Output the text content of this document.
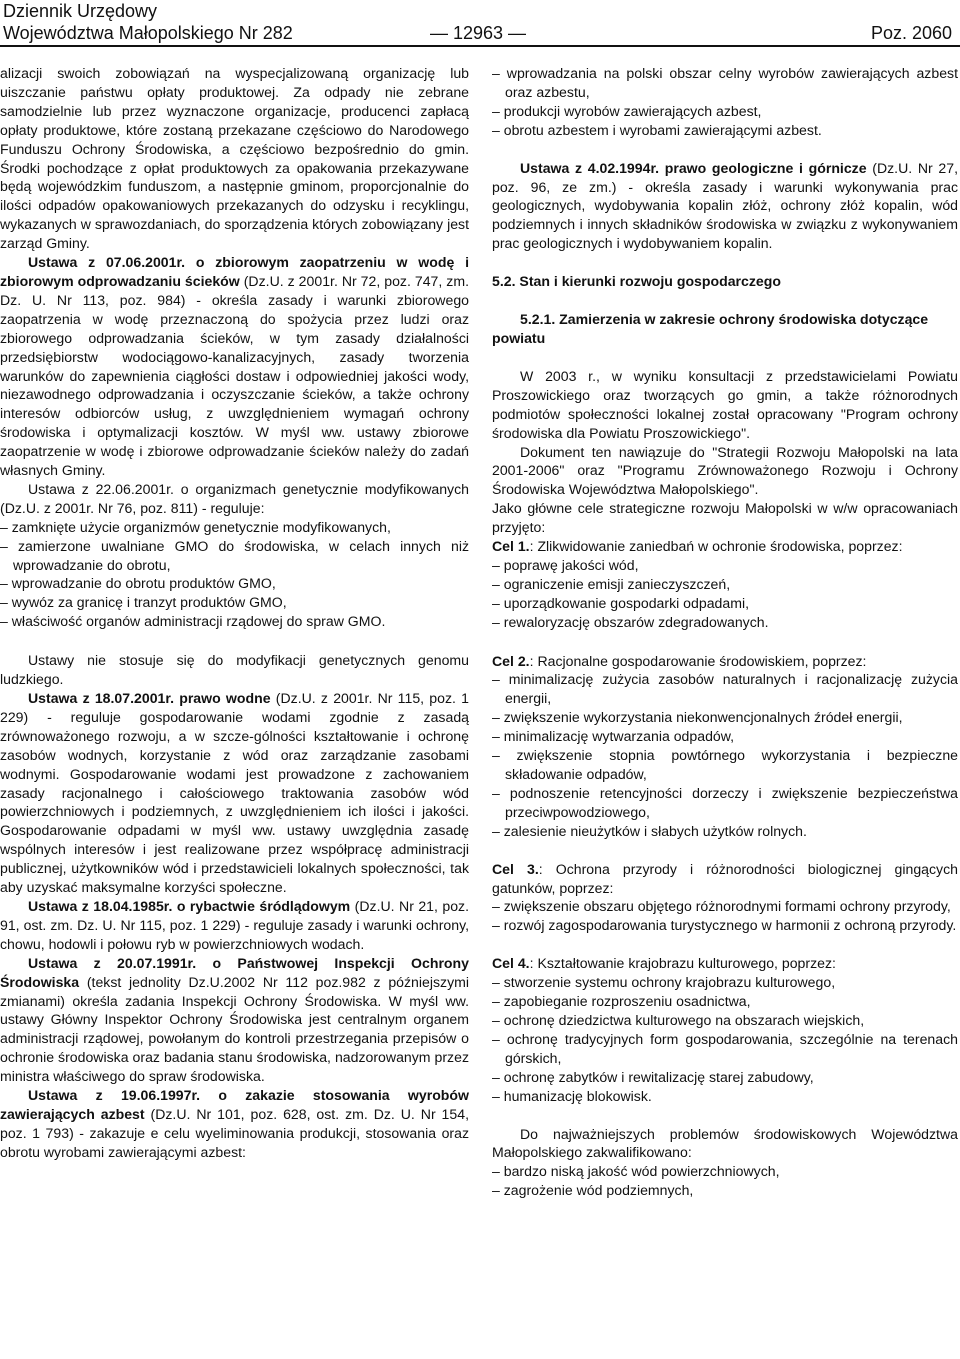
Dziennik Urzędowy
Województwa Małopolskiego Nr 282	— 12963 —	Poz. 2060

alizacji swoich zobowiązań na wyspecjalizowaną organizację lub uiszczanie państwu opłaty produktowej. Za odpady nie zebrane samodzielnie lub przez wyznaczone organizacje, producenci zapłacą opłaty produktowe, które zostaną przekazane częściowo do Narodowego Funduszu Ochrony Środowiska, a częściowo bezpośrednio do gmin. Środki pochodzące z opłat produktowych za opakowania przekazywane będą wojewódzkim funduszom, a następnie gminom, proporcjonalnie do ilości odpadów opakowaniowych przekazanych do odzysku i recyklingu, wykazanych w sprawozdaniach, do sporządzenia których zobowiązany jest zarząd Gminy.

Ustawa z 07.06.2001r. o zbiorowym zaopatrzeniu w wodę i zbiorowym odprowadzaniu ścieków (Dz.U. z 2001r. Nr 72, poz. 747, zm. Dz. U. Nr 113, poz. 984) - określa zasady i warunki zbiorowego zaopatrzenia w wodę przeznaczoną do spożycia przez ludzi oraz zbiorowego odprowadzania ścieków, w tym zasady działalności przedsiębiorstw wodociągowo-kanalizacyjnych, zasady tworzenia warunków do zapewnienia ciągłości dostaw i odpowiedniej jakości wody, niezawodnego odprowadzania i oczyszczanie ścieków, a także ochrony interesów odbiorców usług, z uwzględnieniem wymagań ochrony środowiska i optymalizacji kosztów. W myśl ww. ustawy zbiorowe zaopatrzenie w wodę i zbiorowe odprowadzanie ścieków należy do zadań własnych Gminy.

Ustawa z 22.06.2001r. o organizmach genetycznie modyfikowanych (Dz.U. z 2001r. Nr 76, poz. 811) - reguluje:

– zamknięte użycie organizmów genetycznie modyfikowanych,

– zamierzone uwalniane GMO do środowiska, w celach innych niż wprowadzanie do obrotu,

– wprowadzanie do obrotu produktów GMO,

– wywóz za granicę i tranzyt produktów GMO,

– właściwość organów administracji rządowej do spraw GMO.

Ustawy nie stosuje się do modyfikacji genetycznych genomu ludzkiego.

Ustawa z 18.07.2001r. prawo wodne (Dz.U. z 2001r. Nr 115, poz. 1 229) - reguluje gospodarowanie wodami zgodnie z zasadą zrównoważonego rozwoju, a w szcze-gólności kształtowanie i ochronę zasobów wodnych, korzystanie z wód oraz zarządzanie zasobami wodnymi. Gospodarowanie wodami jest prowadzone z zachowaniem zasady racjonalnego i całościowego traktowania zasobów wód powierzchniowych i podziemnych, z uwzględnieniem ich ilości i jakości. Gospodarowanie odpadami w myśl ww. ustawy uwzględnia zasadę wspólnych interesów i jest realizowane przez współpracę administracji publicznej, użytkowników wód i przedstawicieli lokalnych społeczności, tak aby uzyskać maksymalne korzyści społeczne.

Ustawa z 18.04.1985r. o rybactwie śródlądowym (Dz.U. Nr 21, poz. 91, ost. zm. Dz. U. Nr 115, poz. 1 229) - reguluje zasady i warunki ochrony, chowu, hodowli i połowu ryb w powierzchniowych wodach.

Ustawa z 20.07.1991r. o Państwowej Inspekcji Ochrony Środowiska (tekst jednolity Dz.U.2002 Nr 112 poz.982 z późniejszymi zmianami) określa zadania Inspekcji Ochrony Środowiska. W myśl ww. ustawy Główny Inspektor Ochrony Środowiska jest centralnym organem administracji rządowej, powołanym do kontroli przestrzegania przepisów o ochronie środowiska oraz badania stanu środowiska, nadzorowanym przez ministra właściwego do spraw środowiska.

Ustawa z 19.06.1997r. o zakazie stosowania wyrobów zawierających azbest (Dz.U. Nr 101, poz. 628, ost. zm. Dz. U. Nr 154, poz. 1 793) - zakazuje e celu wyeliminowania produkcji, stosowania oraz obrotu wyrobami zawierającymi azbest:

– wprowadzania na polski obszar celny wyrobów zawierających azbest oraz azbestu,

– produkcji wyrobów zawierających azbest,

– obrotu azbestem i wyrobami zawierającymi azbest.

Ustawa z 4.02.1994r. prawo geologiczne i górnicze (Dz.U. Nr 27, poz. 96, ze zm.) - określa zasady i warunki wykonywania prac geologicznych, wydobywania kopalin złóż, ochrony złóż kopalin, wód podziemnych i innych składników środowiska w związku z wykonywaniem prac geologicznych i wydobywaniem kopalin.

5.2. Stan i kierunki rozwoju gospodarczego

5.2.1. Zamierzenia w zakresie ochrony środowiska dotyczące powiatu

W 2003 r., w wyniku konsultacji z przedstawicielami Powiatu Proszowickiego oraz tworzących go gmin, a także różnorodnych podmiotów społeczności lokalnej został opracowany "Program ochrony środowiska dla Powiatu Proszowickiego".

Dokument ten nawiązuje do "Strategii Rozwoju Małopolski na lata 2001-2006" oraz "Programu Zrównoważonego Rozwoju i Ochrony Środowiska Województwa Małopolskiego".

Jako główne cele strategiczne rozwoju Małopolski w w/w opracowaniach przyjęto:

Cel 1.: Zlikwidowanie zaniedbań w ochronie środowiska, poprzez:

– poprawę jakości wód,

– ograniczenie emisji zanieczyszczeń,

– uporządkowanie gospodarki odpadami,

– rewaloryzację obszarów zdegradowanych.

Cel 2.: Racjonalne gospodarowanie środowiskiem, poprzez:

– minimalizację zużycia zasobów naturalnych i racjonalizację zużycia energii,

– zwiększenie wykorzystania niekonwencjonalnych źródeł energii,

– minimalizację wytwarzania odpadów,

– zwiększenie stopnia powtórnego wykorzystania i bezpieczne składowanie odpadów,

– podnoszenie retencyjności dorzeczy i zwiększenie bezpieczeństwa przeciwpowodziowego,

– zalesienie nieużytków i słabych użytków rolnych.

Cel 3.: Ochrona przyrody i różnorodności biologicznej gingących gatunków, poprzez:

– zwiększenie obszaru objętego różnorodnymi formami ochrony przyrody,

– rozwój zagospodarowania turystycznego w harmonii z ochroną przyrody.

Cel 4.: Kształtowanie krajobrazu kulturowego, poprzez:

– stworzenie systemu ochrony krajobrazu kulturowego,

– zapobieganie rozproszeniu osadnictwa,

– ochronę dziedzictwa kulturowego na obszarach wiejskich,

– ochronę tradycyjnych form gospodarowania, szczególnie na terenach górskich,

– ochronę zabytków i rewitalizację starej zabudowy,

– humanizację blokowisk.

Do najważniejszych problemów środowiskowych Województwa Małopolskiego zakwalifikowano:

– bardzo niską jakość wód powierzchniowych,

– zagrożenie wód podziemnych,
